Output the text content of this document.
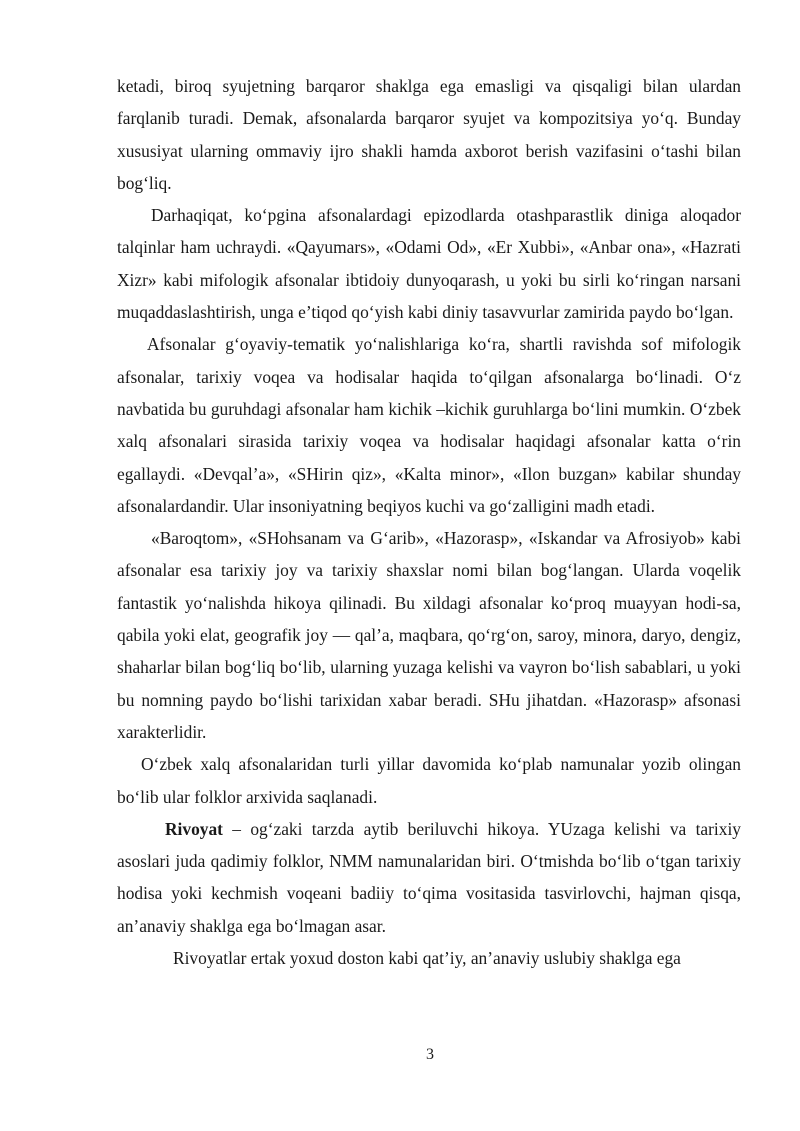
ketadi, biroq syujetning barqaror shaklga ega emasligi va qisqaligi bilan ulardan farqlanib turadi. Demak, afsonalarda barqaror syujet va kompozitsiya yo‘q. Bunday xususiyat ularning ommaviy ijro shakli hamda axborot berish vazifasini o‘tashi bilan bog‘liq.

Darhaqiqat, ko‘pgina afsonalardagi epizodlarda otashparastlik diniga aloqador talqinlar ham uchraydi. «Qayumars», «Odami Od», «Er Xubbi», «Anbar ona», «Hazrati Xizr» kabi mifologik afsonalar ibtidoiy dunyoqarash, u yoki bu sirli ko‘ringan narsani muqaddaslashtirish, unga e’tiqod qo‘yish kabi diniy tasavvurlar zamirida paydo bo‘lgan.

Afsonalar g‘oyaviy-tematik yo‘nalishlariga ko‘ra, shartli ravishda sof mifologik afsonalar, tarixiy voqea va hodisalar haqida to‘qilgan afsonalarga bo‘linadi. O‘z navbatida bu guruhdagi afsonalar ham kichik –kichik guruhlarga bo‘lini mumkin. O‘zbek xalq afsonalari sirasida tarixiy voqea va hodisalar haqidagi afsonalar katta o‘rin egallaydi. «Devqal’a», «SHirin qiz», «Kalta minor», «Ilon buzgan» kabilar shunday afsonalardandir. Ular insoniyatning beqiyos kuchi va go‘zalligini madh etadi.

«Baroqtom», «SHohsanam va G‘arib», «Hazorasp», «Iskandar va Afrosiyob» kabi afsonalar esa tarixiy joy va tarixiy shaxslar nomi bilan bog‘langan. Ularda voqelik fantastik yo‘nalishda hikoya qilinadi. Bu xildagi afsonalar ko‘proq muayyan hodi-sa, qabila yoki elat, geografik joy — qal’a, maqbara, qo‘rg‘on, saroy, minora, daryo, dengiz, shaharlar bilan bog‘liq bo‘lib, ularning yuzaga kelishi va vayron bo‘lish sabablari, u yoki bu nomning paydo bo‘lishi tarixidan xabar beradi. SHu jihatdan. «Hazorasp» afsonasi xarakterlidir.

O‘zbek xalq afsonalaridan turli yillar davomida ko‘plab namunalar yozib olingan bo‘lib ular folklor arxivida saqlanadi.

Rivoyat – og‘zaki tarzda aytib beriluvchi hikoya. YUzaga kelishi va tarixiy asoslari juda qadimiy folklor, NMM namunalaridan biri. O‘tmishda bo‘lib o‘tgan tarixiy hodisa yoki kechmish voqeani badiiy to‘qima vositasida tasvirlovchi, hajman qisqa, an’anaviy shaklga ega bo‘lmagan asar.

Rivoyatlar ertak yoxud doston kabi qat’iy, an’anaviy uslubiy shaklga ega

3
